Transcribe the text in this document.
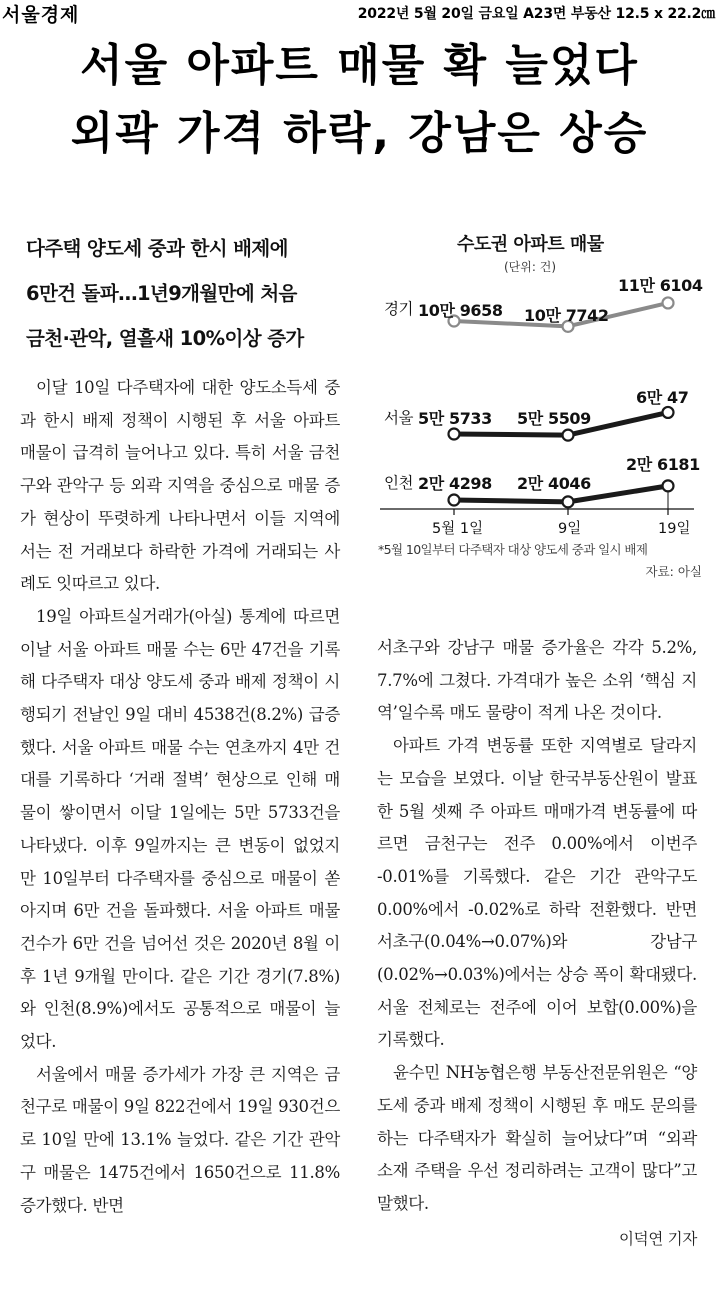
서울경제	2022년 5월 20일 금요일 A23면 부동산 12.5 x 22.2㎝
서울 아파트 매물 확 늘었다
외곽 가격 하락, 강남은 상승
다주택 양도세 중과 한시 배제에
6만건 돌파…1년9개월만에 처음
금천·관악, 열흘새 10%이상 증가
수도권 아파트 매물
(단위: 건)
5월 1일	9일	19일
경기 10만 9658 10만 7742
11만 6104
서울 5만 5733 5만 5509
6만 47
인천 2만 4298 2만 4046
2만 6181
*5월 10일부터 다주택자 대상 양도세 중과 일시 배제
자료: 아실

이달 10일 다주택자에 대한 양도소득세 중과 한시 배제 정책이 시행된 후 서울 아파트 매물이 급격히 늘어나고 있다. 특히 서울 금천구와 관악구 등 외곽 지역을 중심으로 매물 증가 현상이 뚜렷하게 나타나면서 이들 지역에서는 전 거래보다 하락한 가격에 거래되는 사례도 잇따르고 있다.

19일 아파트실거래가(아실) 통계에 따르면 이날 서울 아파트 매물 수는 6만 47건을 기록해 다주택자 대상 양도세 중과 배제 정책이 시행되기 전날인 9일 대비 4538건(8.2%) 급증했다. 서울 아파트 매물 수는 연초까지 4만 건대를 기록하다 ‘거래 절벽’ 현상으로 인해 매물이 쌓이면서 이달 1일에는 5만 5733건을 나타냈다. 이후 9일까지는 큰 변동이 없었지만 10일부터 다주택자를 중심으로 매물이 쏟아지며 6만 건을 돌파했다. 서울 아파트 매물 건수가 6만 건을 넘어선 것은 2020년 8월 이후 1년 9개월 만이다. 같은 기간 경기(7.8%)와 인천(8.9%)에서도 공통적으로 매물이 늘었다.

서울에서 매물 증가세가 가장 큰 지역은 금천구로 매물이 9일 822건에서 19일 930건으로 10일 만에 13.1% 늘었다. 같은 기간 관악구 매물은 1475건에서 1650건으로 11.8% 증가했다. 반면

서초구와 강남구 매물 증가율은 각각 5.2%, 7.7%에 그쳤다. 가격대가 높은 소위 ‘핵심 지역’일수록 매도 물량이 적게 나온 것이다.

아파트 가격 변동률 또한 지역별로 달라지는 모습을 보였다. 이날 한국부동산원이 발표한 5월 셋째 주 아파트 매매가격 변동률에 따르면 금천구는 전주 0.00%에서 이번주 -0.01%를 기록했다. 같은 기간 관악구도 0.00%에서 -0.02%로 하락 전환했다. 반면 서초구(0.04%→0.07%)와 강남구(0.02%→0.03%)에서는 상승 폭이 확대됐다. 서울 전체로는 전주에 이어 보합(0.00%)을 기록했다.

윤수민 NH농협은행 부동산전문위원은 “양도세 중과 배제 정책이 시행된 후 매도 문의를 하는 다주택자가 확실히 늘어났다”며 “외곽 소재 주택을 우선 정리하려는 고객이 많다”고 말했다.

이덕연 기자
